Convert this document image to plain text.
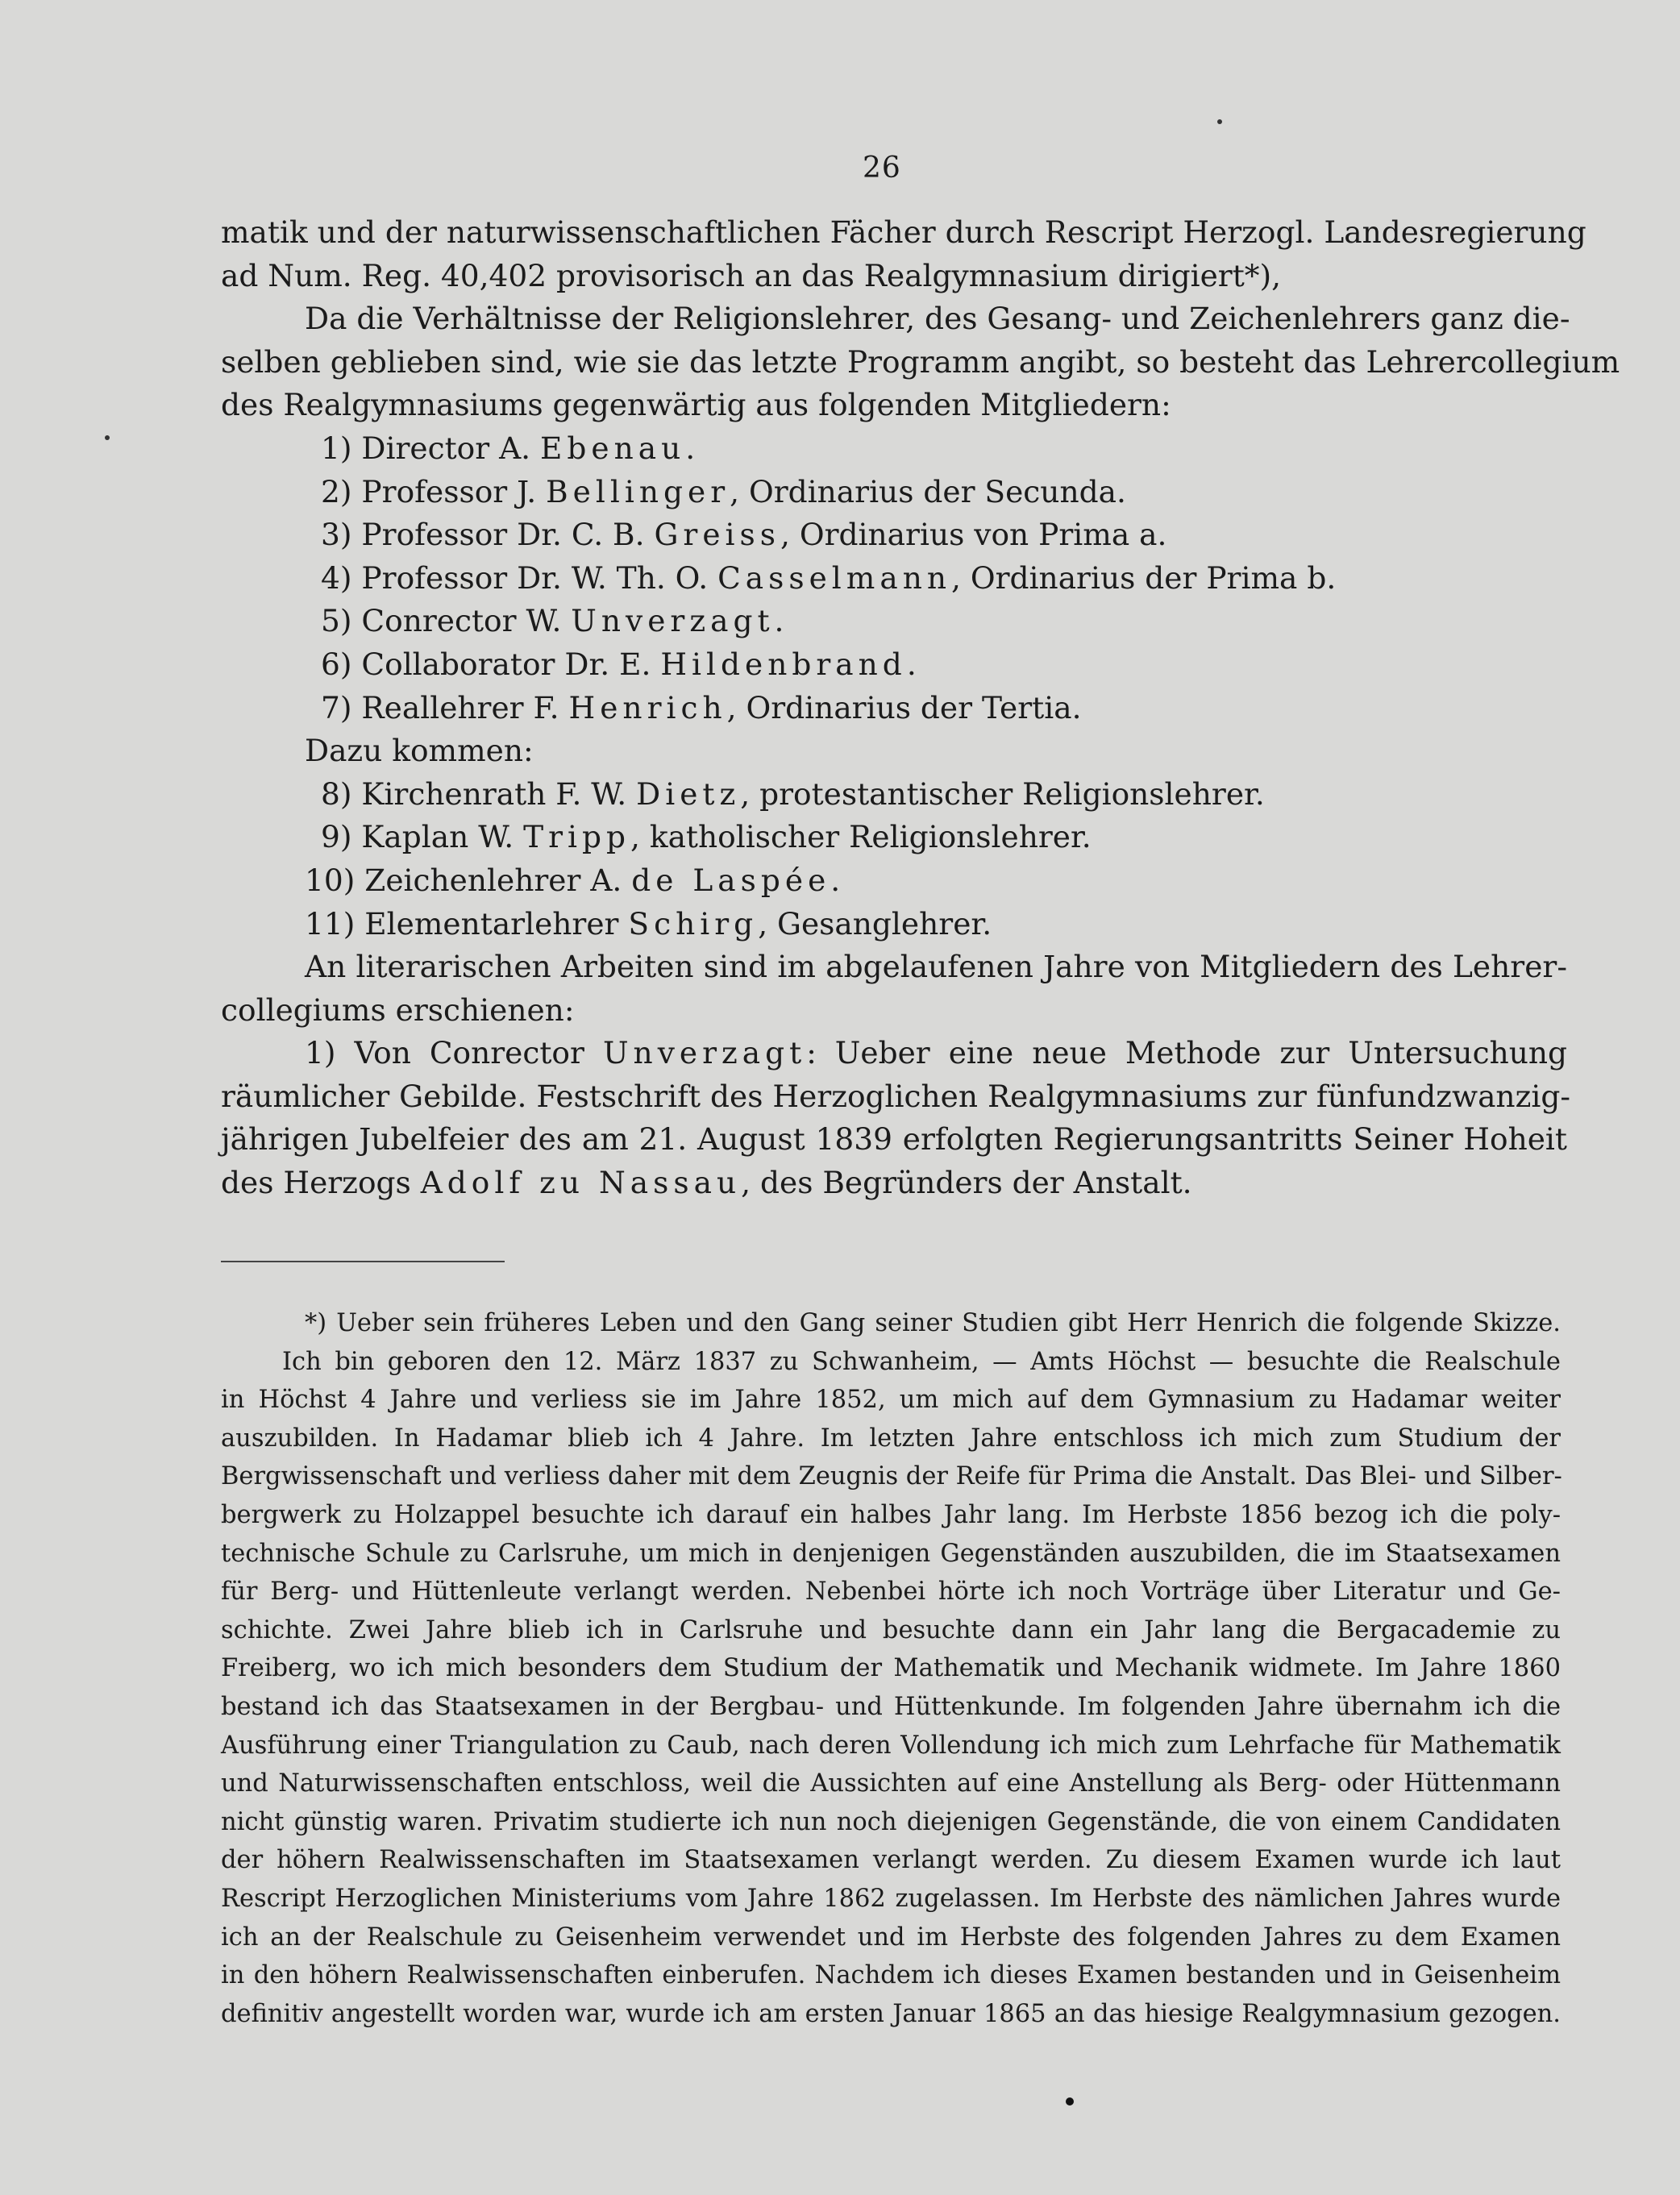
26
matik und der naturwissenschaftlichen Fächer durch Rescript Herzogl. Landesregierung
ad Num. Reg. 40,402 provisorisch an das Realgymnasium dirigiert*),
Da die Verhältnisse der Religionslehrer, des Gesang- und Zeichenlehrers ganz die-
selben geblieben sind, wie sie das letzte Programm angibt, so besteht das Lehrercollegium
des Realgymnasiums gegenwärtig aus folgenden Mitgliedern:
1) Director A. Ebenau.
2) Professor J. Bellinger, Ordinarius der Secunda.
3) Professor Dr. C. B. Greiss, Ordinarius von Prima a.
4) Professor Dr. W. Th. O. Casselmann, Ordinarius der Prima b.
5) Conrector W. Unverzagt.
6) Collaborator Dr. E. Hildenbrand.
7) Reallehrer F. Henrich, Ordinarius der Tertia.
Dazu kommen:
8) Kirchenrath F. W. Dietz, protestantischer Religionslehrer.
9) Kaplan W. Tripp, katholischer Religionslehrer.
10) Zeichenlehrer A. de Laspée.
11) Elementarlehrer Schirg, Gesanglehrer.
An literarischen Arbeiten sind im abgelaufenen Jahre von Mitgliedern des Lehrer-
collegiums erschienen:
1) Von Conrector Unverzagt: Ueber eine neue Methode zur Untersuchung
räumlicher Gebilde. Festschrift des Herzoglichen Realgymnasiums zur fünfundzwanzig-
jährigen Jubelfeier des am 21. August 1839 erfolgten Regierungsantritts Seiner Hoheit
des Herzogs Adolf zu Nassau, des Begründers der Anstalt.
*) Ueber sein früheres Leben und den Gang seiner Studien gibt Herr Henrich die folgende Skizze.
Ich bin geboren den 12. März 1837 zu Schwanheim, — Amts Höchst — besuchte die Realschule
in Höchst 4 Jahre und verliess sie im Jahre 1852, um mich auf dem Gymnasium zu Hadamar weiter
auszubilden. In Hadamar blieb ich 4 Jahre. Im letzten Jahre entschloss ich mich zum Studium der
Bergwissenschaft und verliess daher mit dem Zeugnis der Reife für Prima die Anstalt. Das Blei- und Silber-
bergwerk zu Holzappel besuchte ich darauf ein halbes Jahr lang. Im Herbste 1856 bezog ich die poly-
technische Schule zu Carlsruhe, um mich in denjenigen Gegenständen auszubilden, die im Staatsexamen
für Berg- und Hüttenleute verlangt werden. Nebenbei hörte ich noch Vorträge über Literatur und Ge-
schichte. Zwei Jahre blieb ich in Carlsruhe und besuchte dann ein Jahr lang die Bergacademie zu
Freiberg, wo ich mich besonders dem Studium der Mathematik und Mechanik widmete. Im Jahre 1860
bestand ich das Staatsexamen in der Bergbau- und Hüttenkunde. Im folgenden Jahre übernahm ich die
Ausführung einer Triangulation zu Caub, nach deren Vollendung ich mich zum Lehrfache für Mathematik
und Naturwissenschaften entschloss, weil die Aussichten auf eine Anstellung als Berg- oder Hüttenmann
nicht günstig waren. Privatim studierte ich nun noch diejenigen Gegenstände, die von einem Candidaten
der höhern Realwissenschaften im Staatsexamen verlangt werden. Zu diesem Examen wurde ich laut
Rescript Herzoglichen Ministeriums vom Jahre 1862 zugelassen. Im Herbste des nämlichen Jahres wurde
ich an der Realschule zu Geisenheim verwendet und im Herbste des folgenden Jahres zu dem Examen
in den höhern Realwissenschaften einberufen. Nachdem ich dieses Examen bestanden und in Geisenheim
definitiv angestellt worden war, wurde ich am ersten Januar 1865 an das hiesige Realgymnasium gezogen.
